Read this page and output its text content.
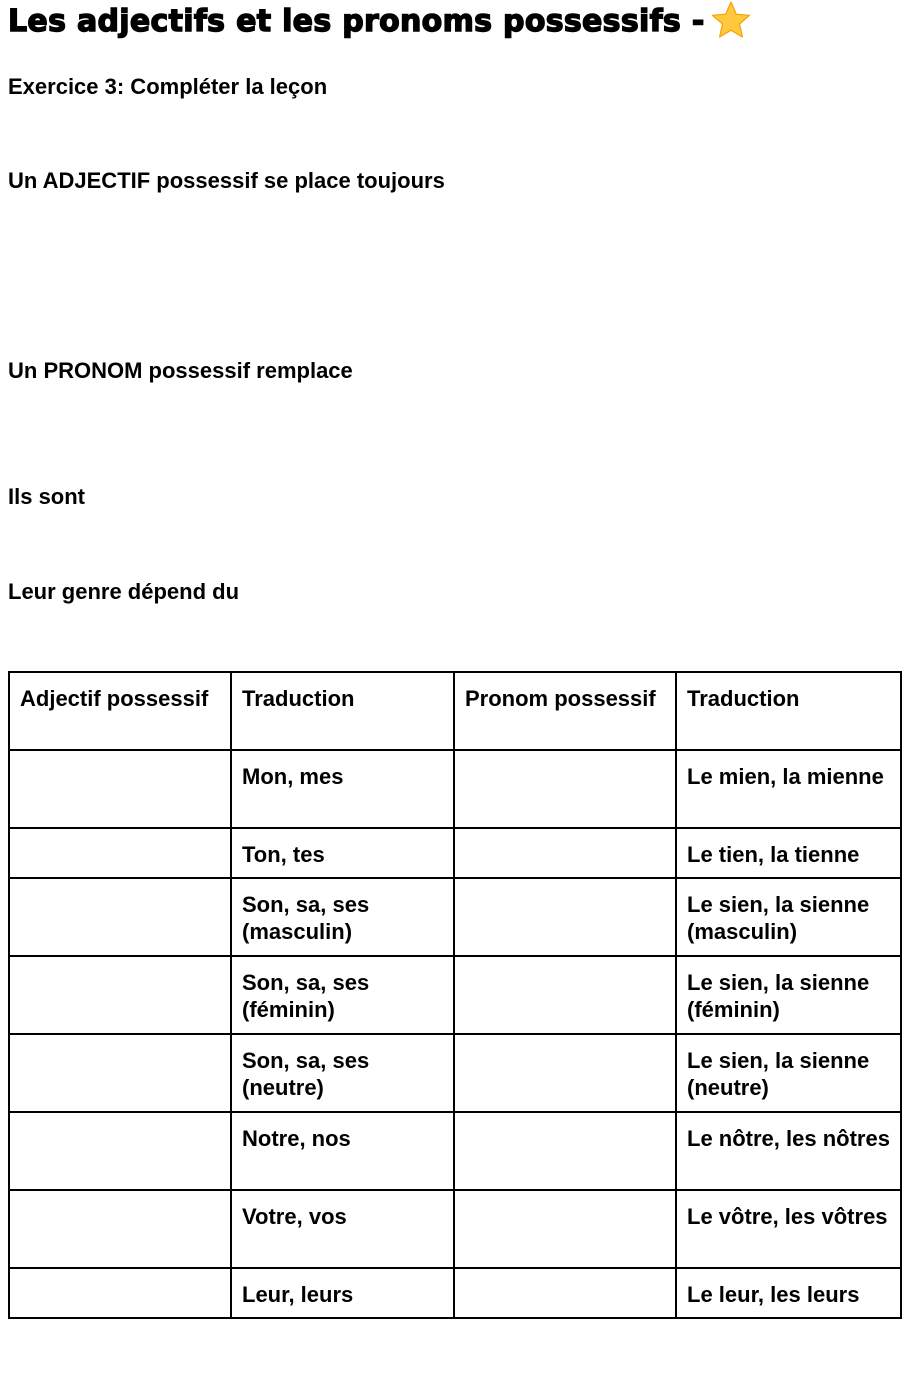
Les adjectifs et les pronoms possessifs -
Exercice 3: Compléter la leçon
Un ADJECTIF possessif se place toujours
Un PRONOM possessif remplace
Ils sont
Leur genre dépend du
Adjectif possessif	Traduction	Pronom possessif	Traduction
	Mon, mes		Le mien, la mienne
	Ton, tes		Le tien, la tienne
	Son, sa, ses (masculin)		Le sien, la sienne (masculin)
	Son, sa, ses (féminin)		Le sien, la sienne (féminin)
	Son, sa, ses (neutre)		Le sien, la sienne (neutre)
	Notre, nos		Le nôtre, les nôtres
	Votre, vos		Le vôtre, les vôtres
	Leur, leurs		Le leur, les leurs
